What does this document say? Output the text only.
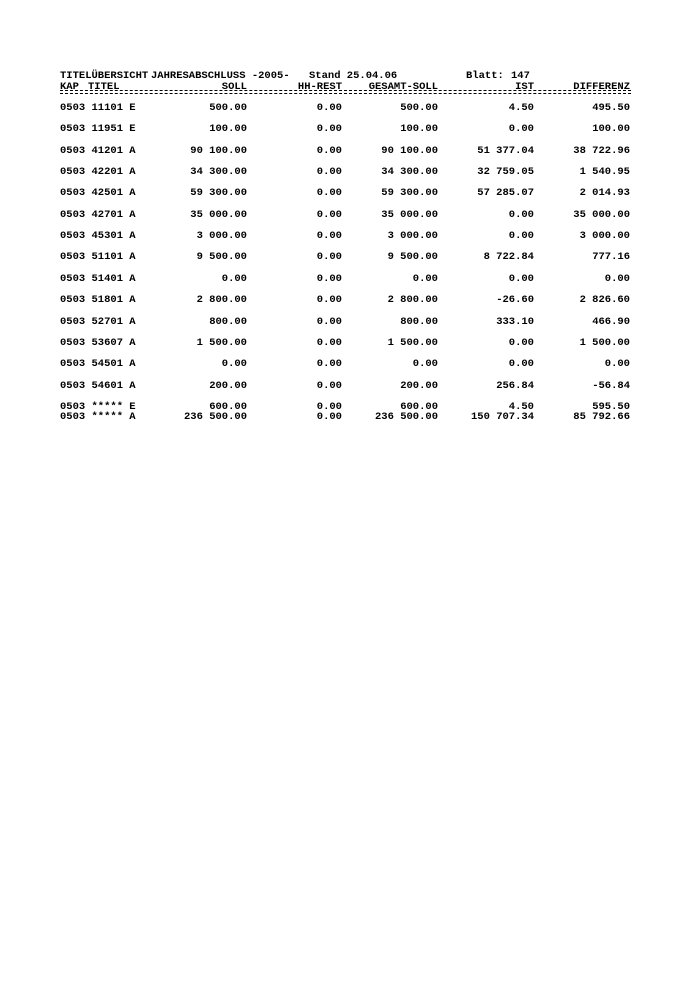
TITELÜBERSICHT JAHRESABSCHLUSS -2005- Stand 25.04.06	Blatt: 147
KAP TITEL	SOLL	HH-REST	GESAMT-SOLL	IST	DIFFERENZ
0503 11101 E	500.00	0.00	500.00	4.50	495.50
0503 11951 E	100.00	0.00	100.00	0.00	100.00
0503 41201 A	90 100.00	0.00	90 100.00	51 377.04	38 722.96
0503 42201 A	34 300.00	0.00	34 300.00	32 759.05	1 540.95
0503 42501 A	59 300.00	0.00	59 300.00	57 285.07	2 014.93
0503 42701 A	35 000.00	0.00	35 000.00	0.00	35 000.00
0503 45301 A	3 000.00	0.00	3 000.00	0.00	3 000.00
0503 51101 A	9 500.00	0.00	9 500.00	8 722.84	777.16
0503 51401 A	0.00	0.00	0.00	0.00	0.00
0503 51801 A	2 800.00	0.00	2 800.00	-26.60	2 826.60
0503 52701 A	800.00	0.00	800.00	333.10	466.90
0503 53607 A	1 500.00	0.00	1 500.00	0.00	1 500.00
0503 54501 A	0.00	0.00	0.00	0.00	0.00
0503 54601 A	200.00	0.00	200.00	256.84	-56.84
0503 ***** E	600.00	0.00	600.00	4.50	595.50
0503 ***** A	236 500.00	0.00	236 500.00	150 707.34	85 792.66
